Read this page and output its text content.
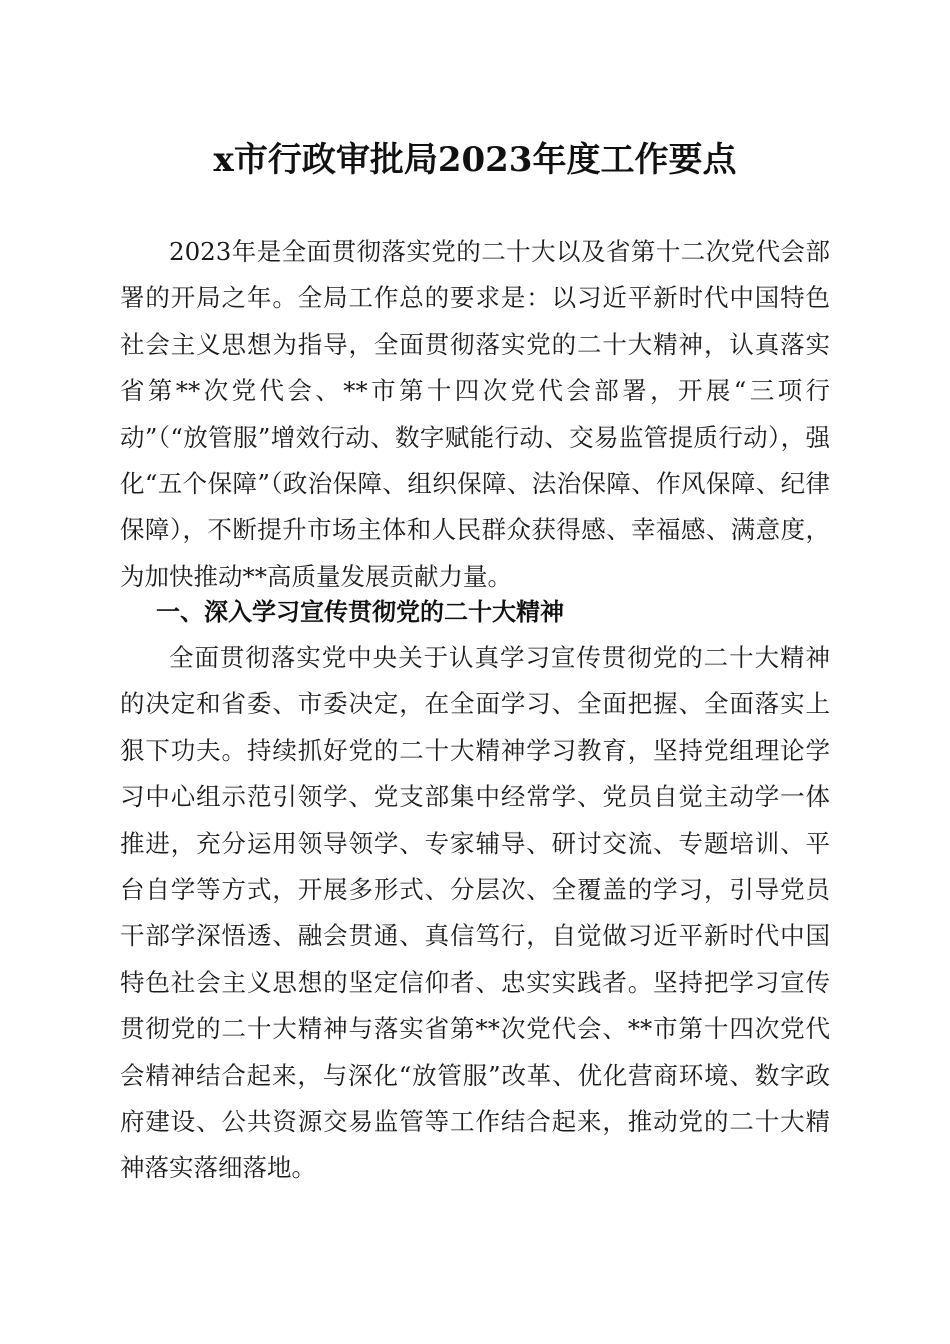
x市行政审批局2023年度工作要点

2023年是全面贯彻落实党的二十大以及省第十二次党代会部署的开局之年。全局工作总的要求是：以习近平新时代中国特色社会主义思想为指导，全面贯彻落实党的二十大精神，认真落实省第**次党代会、**市第十四次党代会部署，开展“三项行动”（“放管服”增效行动、数字赋能行动、交易监管提质行动），强化“五个保障”（政治保障、组织保障、法治保障、作风保障、纪律保障），不断提升市场主体和人民群众获得感、幸福感、满意度，为加快推动**高质量发展贡献力量。

一、深入学习宣传贯彻党的二十大精神

全面贯彻落实党中央关于认真学习宣传贯彻党的二十大精神的决定和省委、市委决定，在全面学习、全面把握、全面落实上狠下功夫。持续抓好党的二十大精神学习教育，坚持党组理论学习中心组示范引领学、党支部集中经常学、党员自觉主动学一体推进，充分运用领导领学、专家辅导、研讨交流、专题培训、平台自学等方式，开展多形式、分层次、全覆盖的学习，引导党员干部学深悟透、融会贯通、真信笃行，自觉做习近平新时代中国特色社会主义思想的坚定信仰者、忠实实践者。坚持把学习宣传贯彻党的二十大精神与落实省第**次党代会、**市第十四次党代会精神结合起来，与深化“放管服”改革、优化营商环境、数字政府建设、公共资源交易监管等工作结合起来，推动党的二十大精神落实落细落地。
